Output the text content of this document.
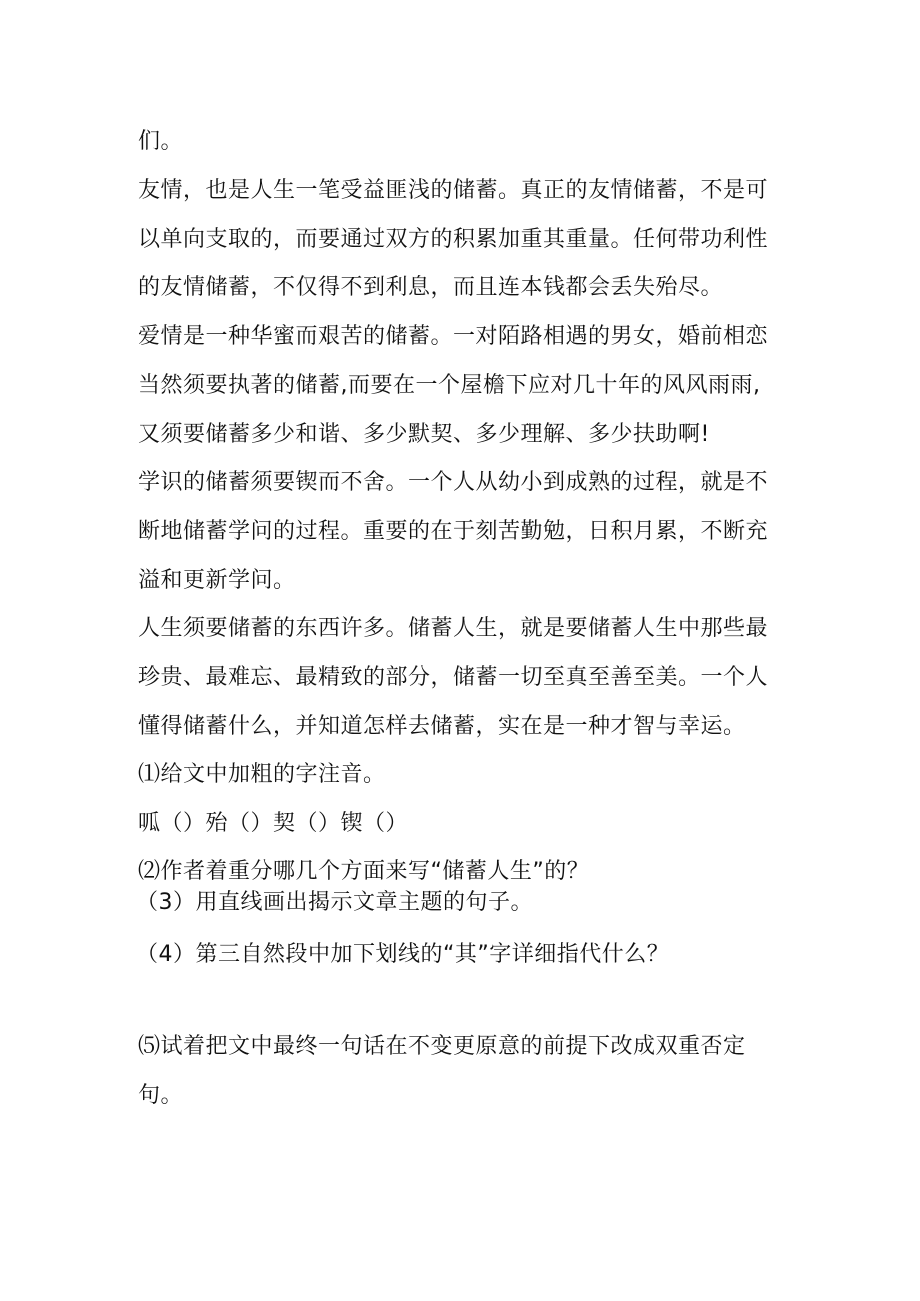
们。
友情，也是人生一笔受益匪浅的储蓄。真正的友情储蓄，不是可
以单向支取的，而要通过双方的积累加重其重量。任何带功利性
的友情储蓄，不仅得不到利息，而且连本钱都会丢失殆尽。
爱情是一种华蜜而艰苦的储蓄。一对陌路相遇的男女，婚前相恋
当然须要执著的储蓄,而要在一个屋檐下应对几十年的风风雨雨,
又须要储蓄多少和谐、多少默契、多少理解、多少扶助啊!
学识的储蓄须要锲而不舍。一个人从幼小到成熟的过程，就是不
断地储蓄学问的过程。重要的在于刻苦勤勉，日积月累，不断充
溢和更新学问。
人生须要储蓄的东西许多。储蓄人生，就是要储蓄人生中那些最
珍贵、最难忘、最精致的部分，储蓄一切至真至善至美。一个人
懂得储蓄什么，并知道怎样去储蓄，实在是一种才智与幸运。
⑴给文中加粗的字注音。
呱（）殆（）契（）锲（）
⑵作者着重分哪几个方面来写“储蓄人生”的？
（3）用直线画出揭示文章主题的句子。
（4）第三自然段中加下划线的“其”字详细指代什么？
⑸试着把文中最终一句话在不变更原意的前提下改成双重否定
句。
